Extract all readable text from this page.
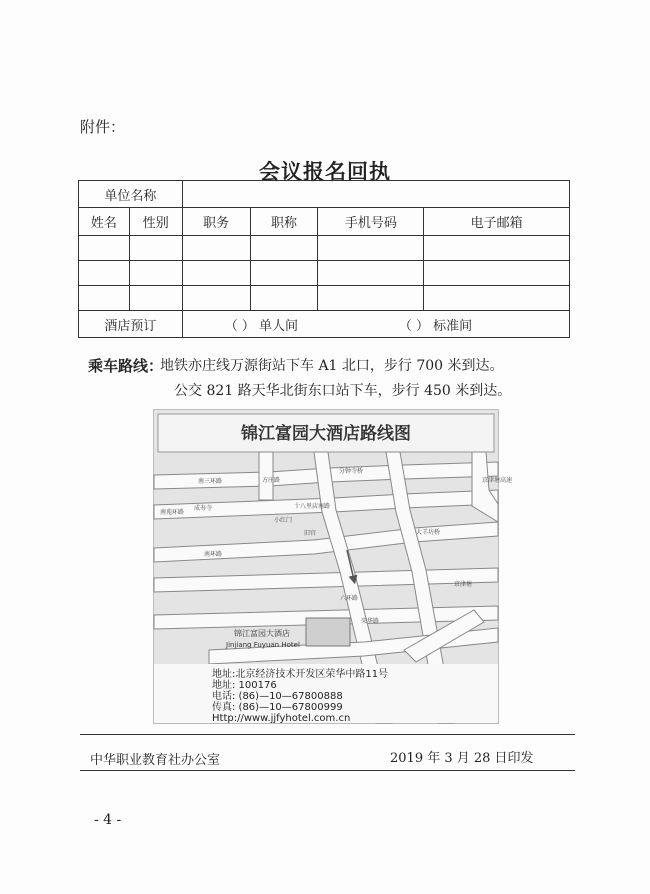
附件：
会议报名回执
单位名称					
姓名	性别	职务	职称	手机号码	电子邮箱

酒店预订		（ ） 单人间 （ ） 标准间			
乘车路线：
地铁亦庄线万源街站下车 A1 北口，步行 700 米到达。
公交 821 路天华北街东口站下车，步行 450 米到达。
锦江富园大酒店路线图
南三环路	方庄路
分钟寺桥
南苑环路
十八里店南路
南环路
大羊坊桥
京津塘
六环路
荣华路
成寿寺
小红门
旧宫
京津塘高速
锦江富园大酒店
Jinjiang Fuyuan Hotel
地址:北京经济技术开发区荣华中路11号
地址: 100176
电话: (86)—10—67800888
传真: (86)—10—67800999
Http://www.jjfyhotel.com.cn
中华职业教育社办公室	2019 年 3 月 28 日印发
- 4 -
